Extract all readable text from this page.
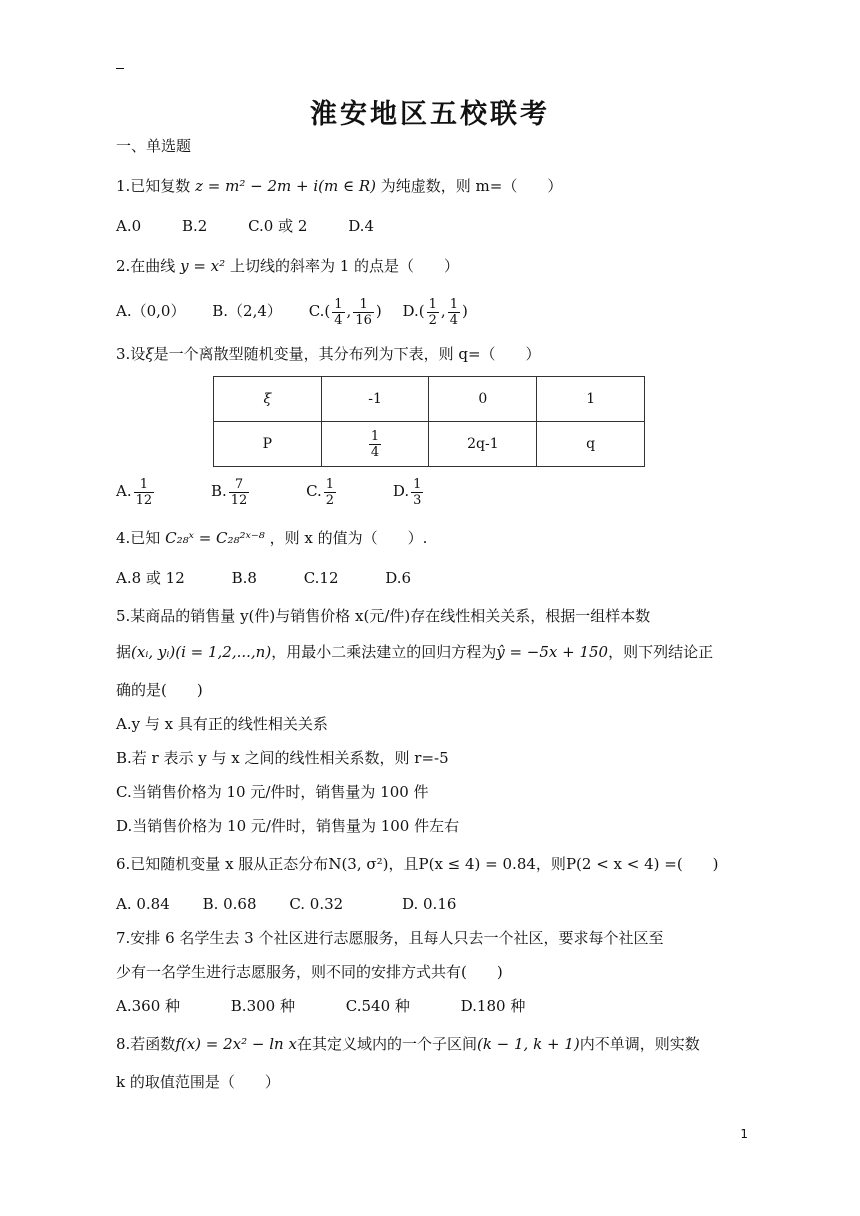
淮安地区五校联考
一、单选题
1.已知复数 z = m² − 2m + i(m ∈ R) 为纯虚数，则 m=（　　）
A.0	B.2	C.0 或 2	D.4
2.在曲线 y = x² 上切线的斜率为 1 的点是（　　）
A.（0,0） B.（2,4） $C.( \frac{1}{4}$ , $\frac{1}{16}$ ) $D.( \frac{1}{2}$ , $\frac{1}{4}$ )
3.设ξ是一个离散型随机变量，其分布列为下表，则 q=（　　）
ξ	-1	0	1
P	$\frac{1}{4}$	2q-1	q
A. $\frac{1}{12}$	B. $\frac{7}{12}$	C. $\frac{1}{2}$	D. $\frac{1}{3}$
4.已知 C₂₈ˣ = C₂₈²ˣ⁻⁸ ，则 x 的值为（　　）.
A.8 或 12	B.8	C.12	D.6
5.某商品的销售量 y(件)与销售价格 x(元/件)存在线性相关关系，根据一组样本数
据(xᵢ, yᵢ)(i = 1,2,...,n)，用最小二乘法建立的回归方程为ŷ = −5x + 150，则下列结论正
确的是(　　)
A.y 与 x 具有正的线性相关关系
B.若 r 表示 y 与 x 之间的线性相关系数，则 r=-5
C.当销售价格为 10 元/件时，销售量为 100 件
D.当销售价格为 10 元/件时，销售量为 100 件左右
6.已知随机变量 x 服从正态分布N(3, σ²)，且P(x ≤ 4) = 0.84，则P(2 < x < 4) =(　　)
A. 0.84 B. 0.68 C. 0.32	D. 0.16
7.安排 6 名学生去 3 个社区进行志愿服务，且每人只去一个社区，要求每个社区至
少有一名学生进行志愿服务，则不同的安排方式共有(　　)
A.360 种	B.300 种	C.540 种	D.180 种
8.若函数f(x) = 2x² − ln x在其定义域内的一个子区间(k − 1, k + 1)内不单调，则实数
k 的取值范围是（　　）
1
